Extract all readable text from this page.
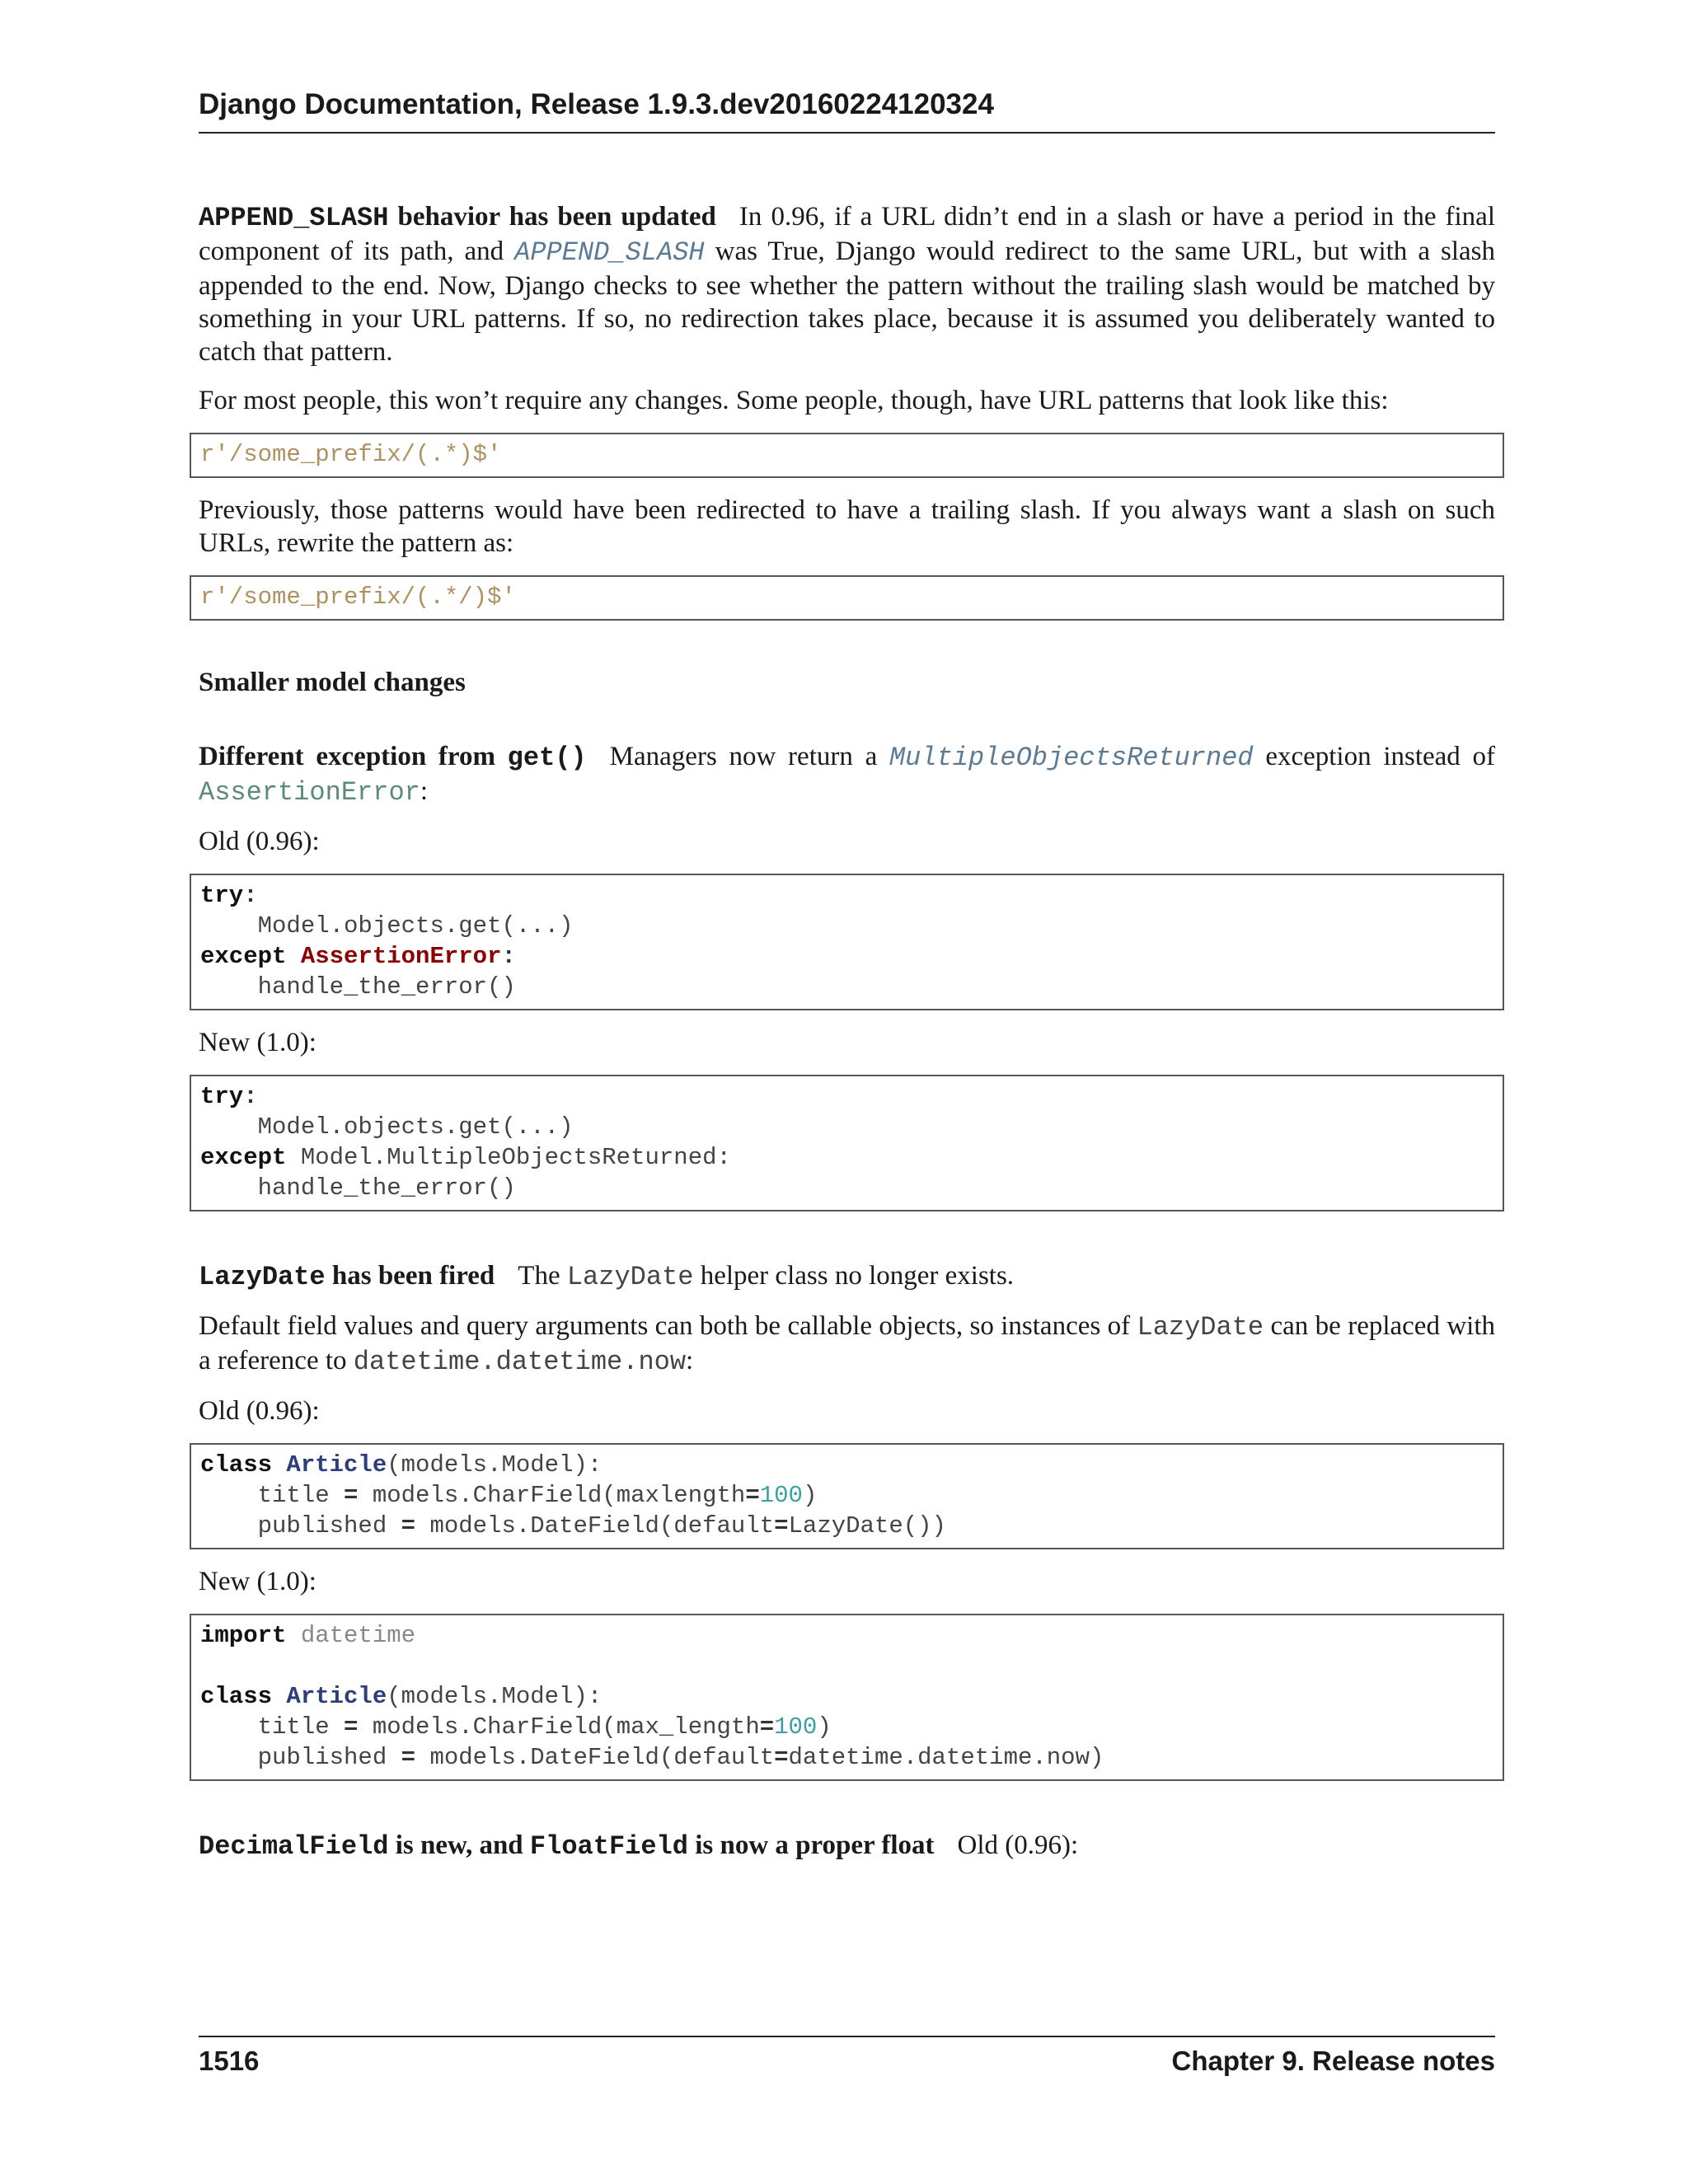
Django Documentation, Release 1.9.3.dev20160224120324

APPEND_SLASH behavior has been updated In 0.96, if a URL didn’t end in a slash or have a period in the final component of its path, and APPEND_SLASH was True, Django would redirect to the same URL, but with a slash appended to the end. Now, Django checks to see whether the pattern without the trailing slash would be matched by something in your URL patterns. If so, no redirection takes place, because it is assumed you deliberately wanted to catch that pattern.

For most people, this won’t require any changes. Some people, though, have URL patterns that look like this:

r'/some_prefix/(.*)$'

Previously, those patterns would have been redirected to have a trailing slash. If you always want a slash on such URLs, rewrite the pattern as:

r'/some_prefix/(.*/)$'
Smaller model changes

Different exception from get() Managers now return a MultipleObjectsReturned exception instead of AssertionError:

Old (0.96):

try:
Model.objects.get(...)
except AssertionError:
handle_the_error()

New (1.0):

try:
Model.objects.get(...)
except Model.MultipleObjectsReturned:
handle_the_error()

LazyDate has been fired The LazyDate helper class no longer exists.

Default field values and query arguments can both be callable objects, so instances of LazyDate can be replaced with a reference to datetime.datetime.now:

Old (0.96):

class Article(models.Model):
title = models.CharField(maxlength=100)
published = models.DateField(default=LazyDate())

New (1.0):

import datetime
class Article(models.Model):
title = models.CharField(max_length=100)
published = models.DateField(default=datetime.datetime.now)

DecimalField is new, and FloatField is now a proper float Old (0.96):

1516	Chapter 9. Release notes
